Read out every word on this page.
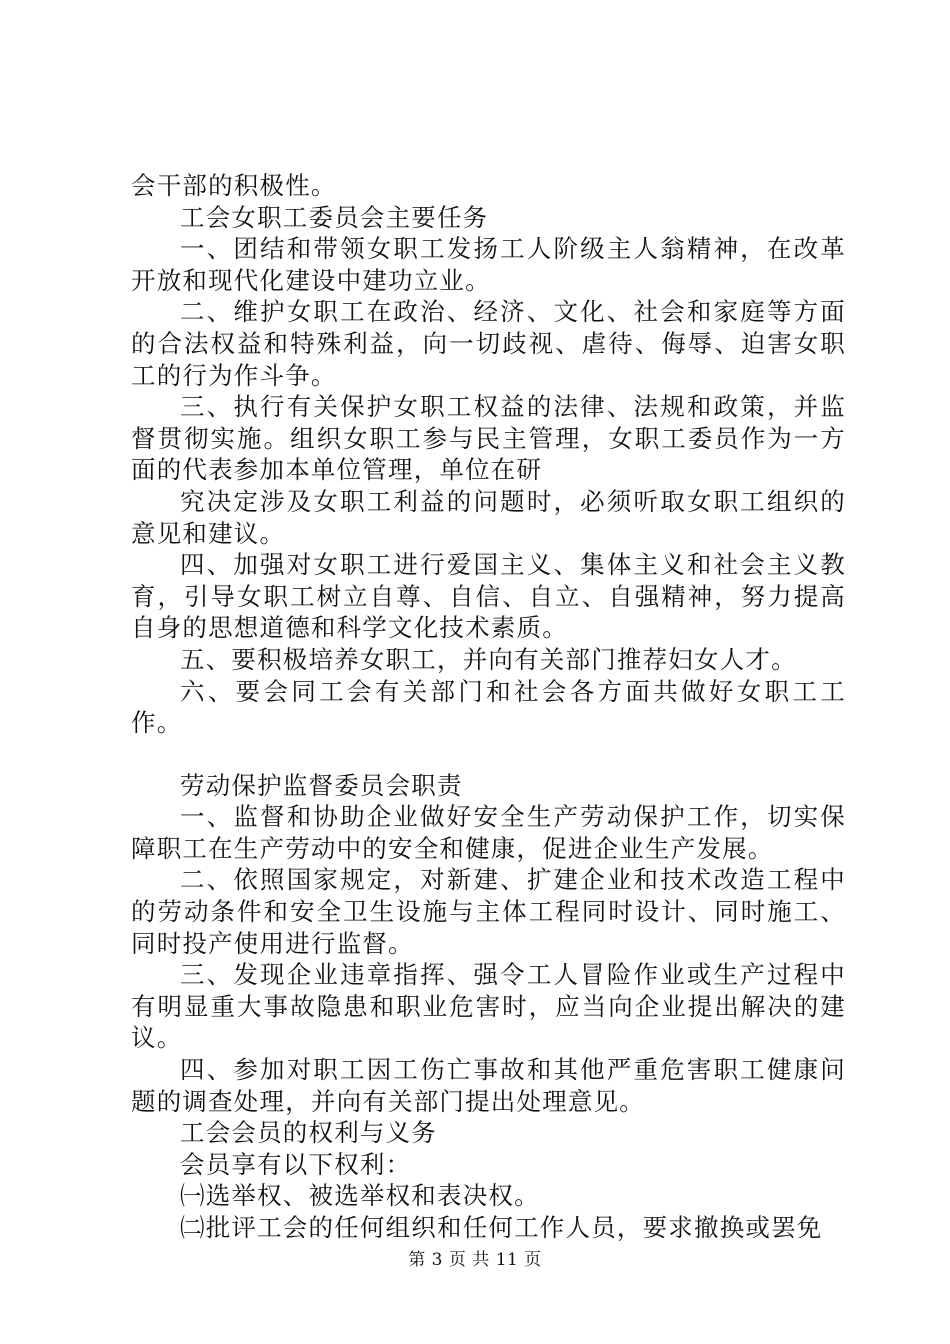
会干部的积极性。

工会女职工委员会主要任务

一、团结和带领女职工发扬工人阶级主人翁精神，在改革开放和现代化建设中建功立业。

二、维护女职工在政治、经济、文化、社会和家庭等方面的合法权益和特殊利益，向一切歧视、虐待、侮辱、迫害女职工的行为作斗争。

三、执行有关保护女职工权益的法律、法规和政策，并监督贯彻实施。组织女职工参与民主管理，女职工委员作为一方面的代表参加本单位管理，单位在研

究决定涉及女职工利益的问题时，必须听取女职工组织的意见和建议。

四、加强对女职工进行爱国主义、集体主义和社会主义教育，引导女职工树立自尊、自信、自立、自强精神，努力提高自身的思想道德和科学文化技术素质。

五、要积极培养女职工，并向有关部门推荐妇女人才。

六、要会同工会有关部门和社会各方面共做好女职工工作。

劳动保护监督委员会职责

一、监督和协助企业做好安全生产劳动保护工作，切实保障职工在生产劳动中的安全和健康，促进企业生产发展。

二、依照国家规定，对新建、扩建企业和技术改造工程中的劳动条件和安全卫生设施与主体工程同时设计、同时施工、同时投产使用进行监督。

三、发现企业违章指挥、强令工人冒险作业或生产过程中有明显重大事故隐患和职业危害时，应当向企业提出解决的建议。

四、参加对职工因工伤亡事故和其他严重危害职工健康问题的调查处理，并向有关部门提出处理意见。

工会会员的权利与义务

会员享有以下权利：

㈠选举权、被选举权和表决权。

㈡批评工会的任何组织和任何工作人员，要求撤换或罢免

第 3 页 共 11 页
